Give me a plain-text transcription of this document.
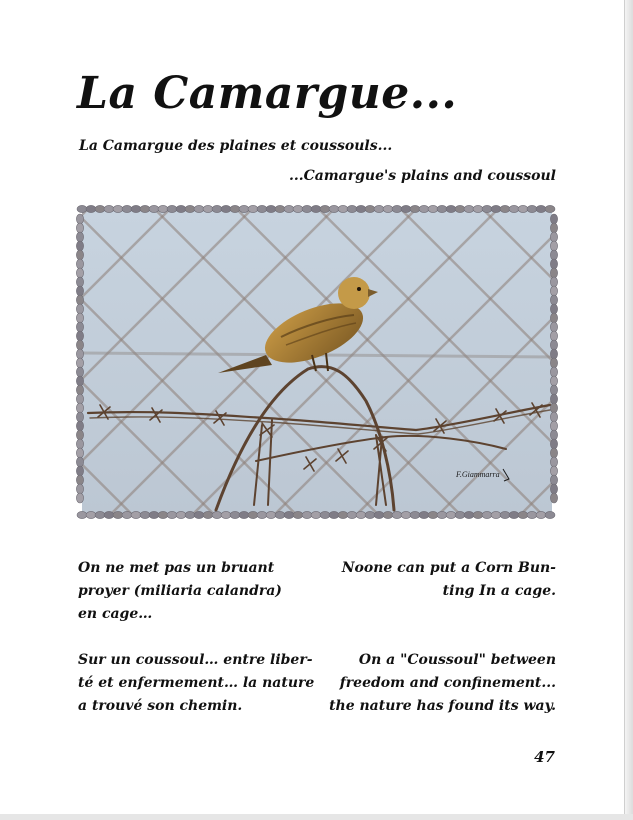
La Camargue...
La Camargue des plaines et coussouls...
...Camargue's plains and coussoul
F.Giammarra
On ne met pas un bruant
proyer (miliaria calandra)
en cage…
Noone can put a Corn Bun-
ting In a cage.
Sur un coussoul… entre liber-
té et enfermement… la nature
a trouvé son chemin.
On a "Coussoul" between
freedom and confinement...
the nature has found its way.
47
